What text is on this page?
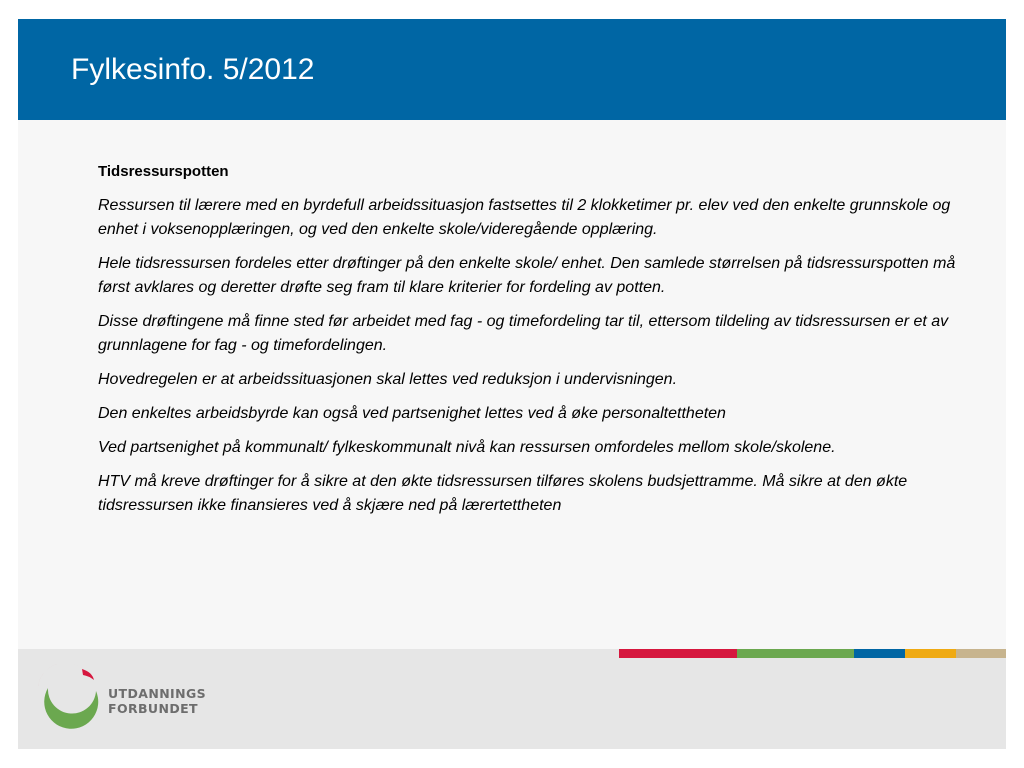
Fylkesinfo. 5/2012
UTDANNINGS
FORBUNDET

Tidsressurspotten

Ressursen til lærere med en byrdefull arbeidssituasjon fastsettes til 2 klokketimer pr. elev ved den enkelte grunnskole og enhet i voksenopplæringen, og ved den enkelte skole/videregående opplæring.

Hele tidsressursen fordeles etter drøftinger på den enkelte skole/ enhet. Den samlede størrelsen på tidsressurspotten må først avklares og deretter drøfte seg fram til klare kriterier for fordeling av potten.

Disse drøftingene må finne sted før arbeidet med fag - og timefordeling tar til, ettersom tildeling av tidsressursen er et av grunnlagene for fag - og timefordelingen.

Hovedregelen er at arbeidssituasjonen skal lettes ved reduksjon i undervisningen.

Den enkeltes arbeidsbyrde kan også ved partsenighet lettes ved å øke personaltettheten

Ved partsenighet på kommunalt/ fylkeskommunalt nivå kan ressursen omfordeles mellom skole/skolene.

HTV må kreve drøftinger for å sikre at den økte tidsressursen tilføres skolens budsjettramme. Må sikre at den økte tidsressursen ikke finansieres ved å skjære ned på lærertettheten
